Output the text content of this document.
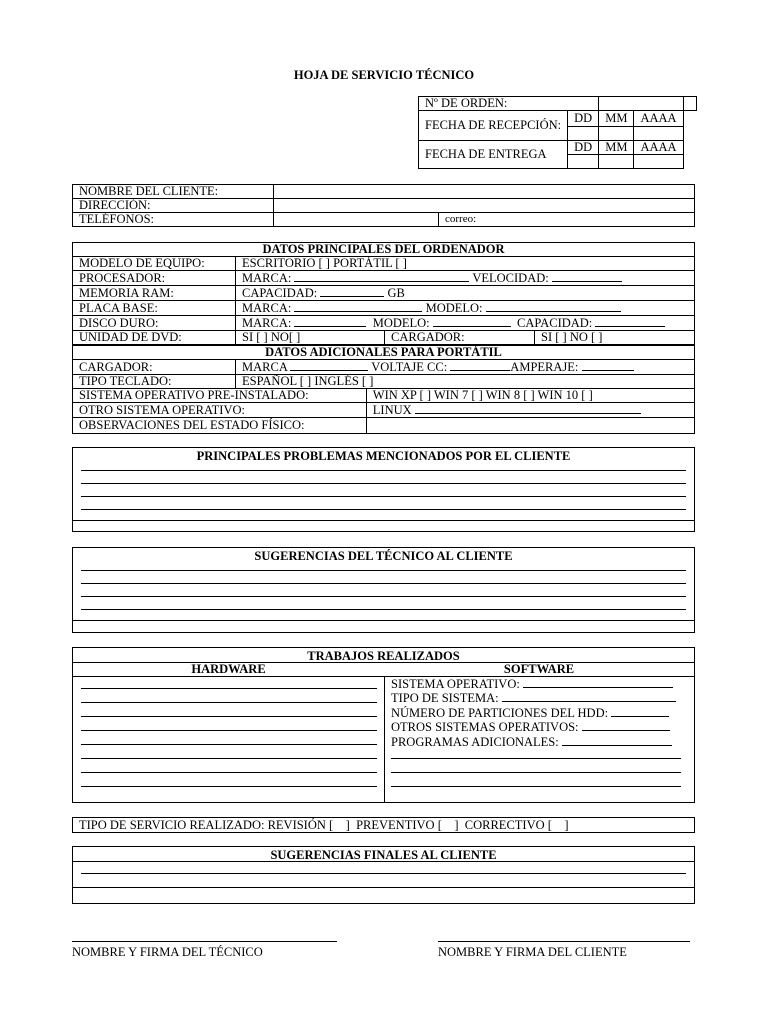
HOJA DE SERVICIO TÉCNICO
Nº DE ORDEN:				
FECHA DE RECEPCIÓN:	DD	MM	AAAA	

FECHA DE ENTREGA	DD	MM	AAAA	

NOMBRE DEL CLIENTE:		
DIRECCIÓN:		
TELÉFONOS:		correo:
DATOS PRINCIPALES DEL ORDENADOR			
MODELO DE EQUIPO:	ESCRITORIO [ ] PORTÁTIL [ ]		
PROCESADOR:	MARCA: VELOCIDAD:		
MEMORIA RAM:	CAPACIDAD: GB		
PLACA BASE:	MARCA: MODELO:		
DISCO DURO:	MARCA: MODELO: CAPACIDAD:		
UNIDAD DE DVD:	SI [ ] NO[ ]	CARGADOR:	SI [ ] NO [ ]
DATOS ADICIONALES PARA PORTÁTIL		
CARGADOR:	MARCA VOLTAJE CC: AMPERAJE:	
TIPO TECLADO:	ESPAÑOL [ ] INGLÉS [ ]	
SISTEMA OPERATIVO PRE-INSTALADO:		WIN XP [ ] WIN 7 [ ] WIN 8 [ ] WIN 10 [ ]
OTRO SISTEMA OPERATIVO:		LINUX
OBSERVACIONES DEL ESTADO FÍSICO:		
PRINCIPALES PROBLEMAS MENCIONADOS POR EL CLIENTE
SUGERENCIAS DEL TÉCNICO AL CLIENTE
TRABAJOS REALIZADOS
HARDWARE	SOFTWARE
SISTEMA OPERATIVO:
TIPO DE SISTEMA:
NÚMERO DE PARTICIONES DEL HDD:
OTROS SISTEMAS OPERATIVOS:
PROGRAMAS ADICIONALES:
TIPO DE SERVICIO REALIZADO: REVISIÓN [    ]  PREVENTIVO [    ]  CORRECTIVO [    ]
SUGERENCIAS FINALES AL CLIENTE
NOMBRE Y FIRMA DEL TÉCNICO	NOMBRE Y FIRMA DEL CLIENTE
